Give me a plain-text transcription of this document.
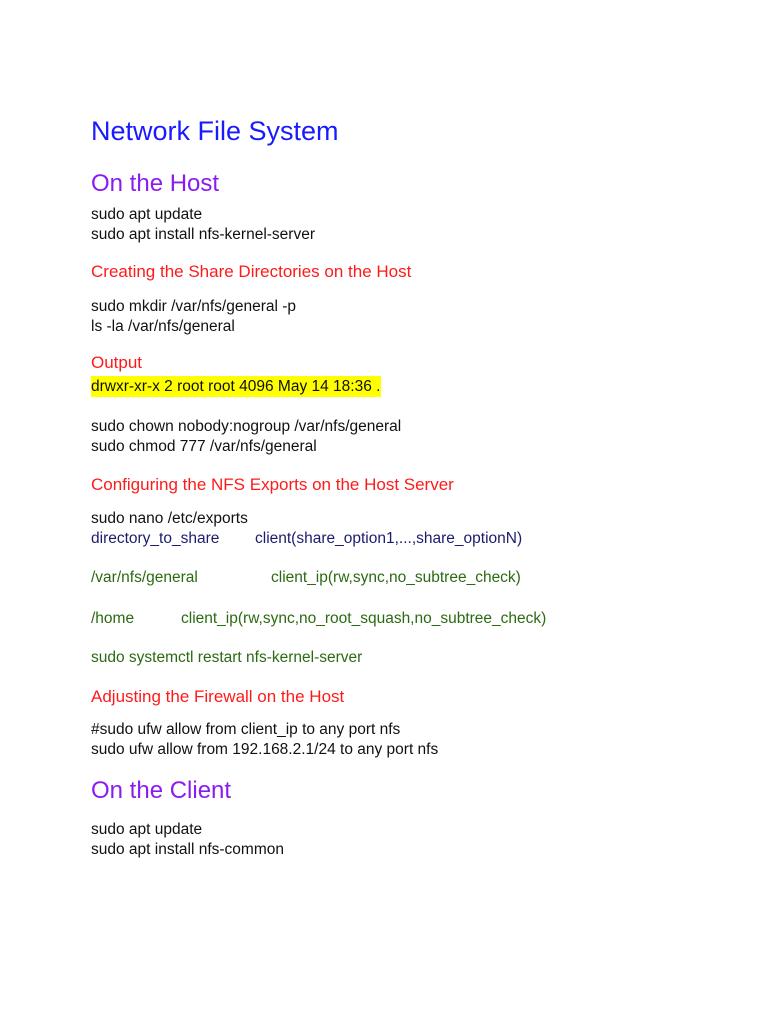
Network File System
On the Host
sudo apt update
sudo apt install nfs-kernel-server
Creating the Share Directories on the Host
sudo mkdir /var/nfs/general -p
ls -la /var/nfs/general
Output
drwxr-xr-x 2 root root 4096 May 14 18:36 .
sudo chown nobody:nogroup /var/nfs/general
sudo chmod 777 /var/nfs/general
Configuring the NFS Exports on the Host Server
sudo nano /etc/exports
directory_to_share client(share_option1,...,share_optionN)
/var/nfs/general	client_ip(rw,sync,no_subtree_check)
/home	client_ip(rw,sync,no_root_squash,no_subtree_check)
sudo systemctl restart nfs-kernel-server
Adjusting the Firewall on the Host
#sudo ufw allow from client_ip to any port nfs
sudo ufw allow from 192.168.2.1/24 to any port nfs
On the Client
sudo apt update
sudo apt install nfs-common
